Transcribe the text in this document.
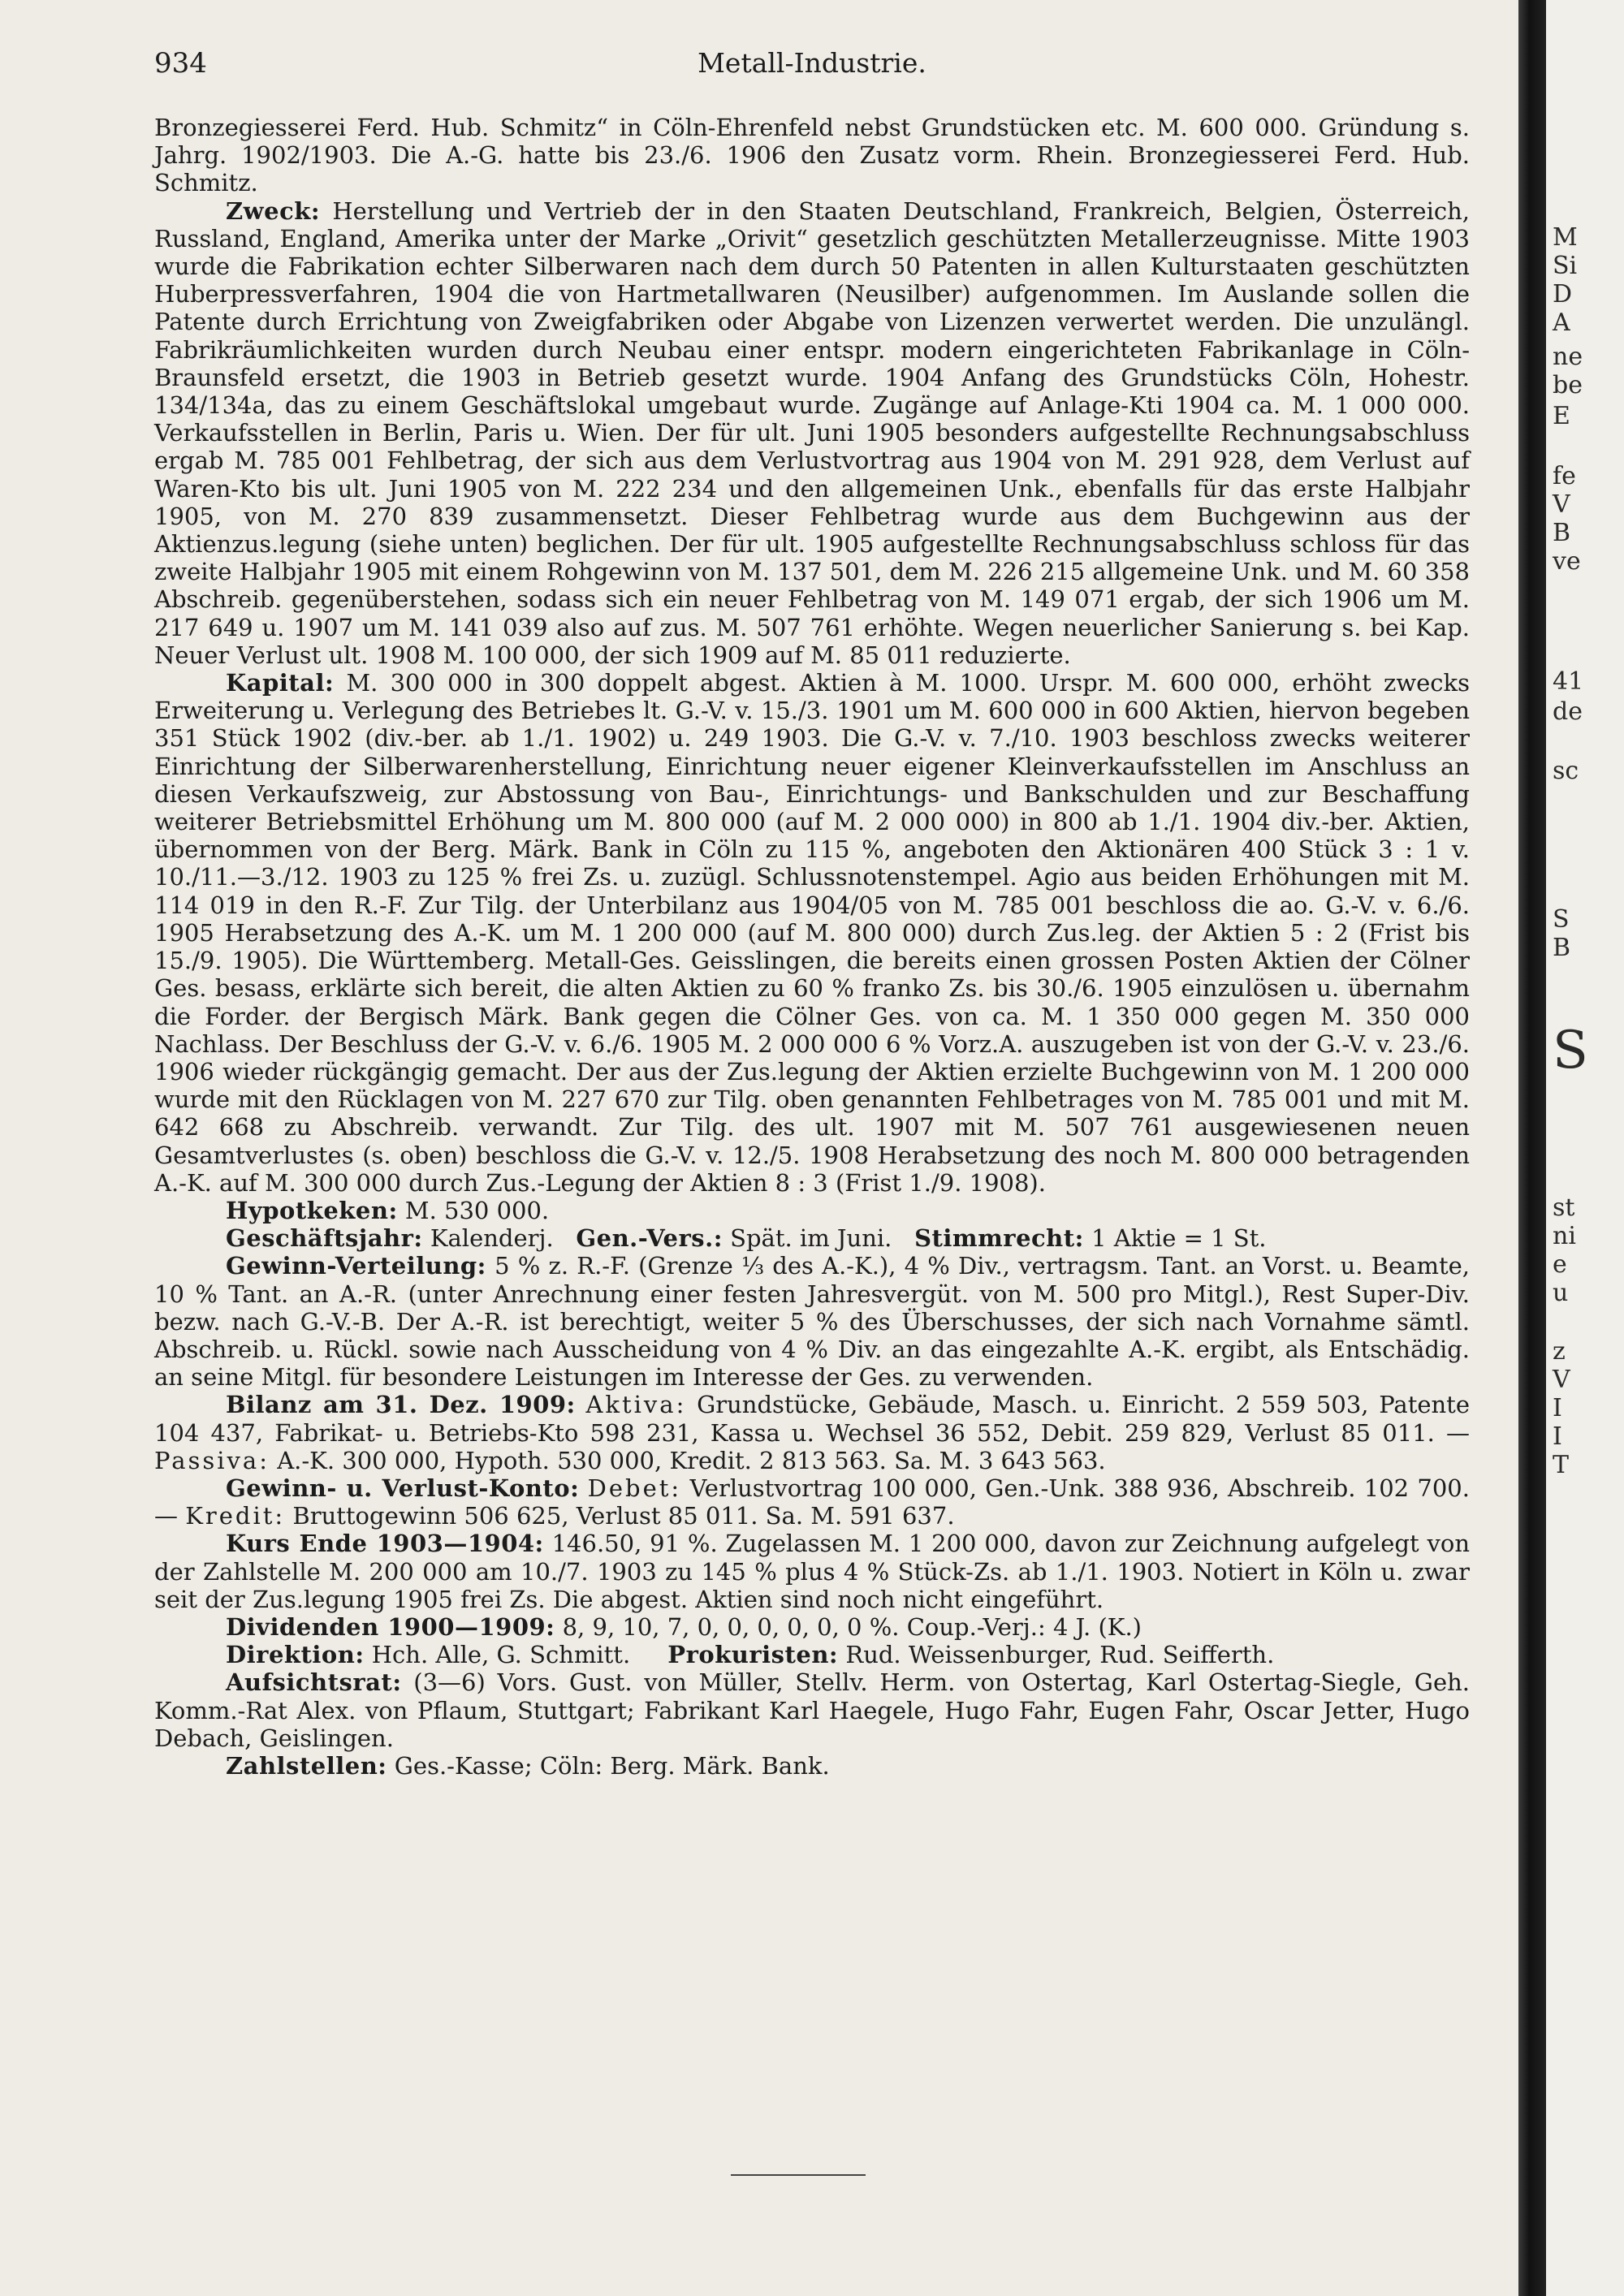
934	Metall-Industrie.

Bronzegiesserei Ferd. Hub. Schmitz“ in Cöln-Ehrenfeld nebst Grundstücken etc. M. 600 000. Gründung s. Jahrg. 1902/1903. Die A.-G. hatte bis 23./6. 1906 den Zusatz vorm. Rhein. Bronzegiesserei Ferd. Hub. Schmitz.

Zweck: Herstellung und Vertrieb der in den Staaten Deutschland, Frankreich, Belgien, Österreich, Russland, England, Amerika unter der Marke „Orivit“ gesetzlich geschützten Metallerzeugnisse. Mitte 1903 wurde die Fabrikation echter Silberwaren nach dem durch 50 Patenten in allen Kulturstaaten geschützten Huberpressverfahren, 1904 die von Hartmetallwaren (Neusilber) aufgenommen. Im Auslande sollen die Patente durch Errichtung von Zweigfabriken oder Abgabe von Lizenzen verwertet werden. Die unzulängl. Fabrikräumlichkeiten wurden durch Neubau einer entspr. modern eingerichteten Fabrikanlage in Cöln-Braunsfeld ersetzt, die 1903 in Betrieb gesetzt wurde. 1904 Anfang des Grundstücks Cöln, Hohestr. 134/134a, das zu einem Geschäftslokal umgebaut wurde. Zugänge auf Anlage-Kti 1904 ca. M. 1 000 000. Verkaufsstellen in Berlin, Paris u. Wien. Der für ult. Juni 1905 besonders aufgestellte Rechnungsabschluss ergab M. 785 001 Fehlbetrag, der sich aus dem Verlustvortrag aus 1904 von M. 291 928, dem Verlust auf Waren-Kto bis ult. Juni 1905 von M. 222 234 und den allgemeinen Unk., ebenfalls für das erste Halbjahr 1905, von M. 270 839 zusammensetzt. Dieser Fehlbetrag wurde aus dem Buchgewinn aus der Aktienzus.legung (siehe unten) beglichen. Der für ult. 1905 aufgestellte Rechnungsabschluss schloss für das zweite Halbjahr 1905 mit einem Rohgewinn von M. 137 501, dem M. 226 215 allgemeine Unk. und M. 60 358 Abschreib. gegenüberstehen, sodass sich ein neuer Fehlbetrag von M. 149 071 ergab, der sich 1906 um M. 217 649 u. 1907 um M. 141 039 also auf zus. M. 507 761 erhöhte. Wegen neuerlicher Sanierung s. bei Kap. Neuer Verlust ult. 1908 M. 100 000, der sich 1909 auf M. 85 011 reduzierte.

Kapital: M. 300 000 in 300 doppelt abgest. Aktien à M. 1000. Urspr. M. 600 000, erhöht zwecks Erweiterung u. Verlegung des Betriebes lt. G.-V. v. 15./3. 1901 um M. 600 000 in 600 Aktien, hiervon begeben 351 Stück 1902 (div.-ber. ab 1./1. 1902) u. 249 1903. Die G.-V. v. 7./10. 1903 beschloss zwecks weiterer Einrichtung der Silberwarenherstellung, Einrichtung neuer eigener Kleinverkaufsstellen im Anschluss an diesen Verkaufszweig, zur Abstossung von Bau-, Einrichtungs- und Bankschulden und zur Beschaffung weiterer Betriebsmittel Erhöhung um M. 800 000 (auf M. 2 000 000) in 800 ab 1./1. 1904 div.-ber. Aktien, übernommen von der Berg. Märk. Bank in Cöln zu 115 %, angeboten den Aktionären 400 Stück 3 : 1 v. 10./11.—3./12. 1903 zu 125 % frei Zs. u. zuzügl. Schlussnotenstempel. Agio aus beiden Erhöhungen mit M. 114 019 in den R.-F. Zur Tilg. der Unterbilanz aus 1904/05 von M. 785 001 beschloss die ao. G.-V. v. 6./6. 1905 Herabsetzung des A.-K. um M. 1 200 000 (auf M. 800 000) durch Zus.leg. der Aktien 5 : 2 (Frist bis 15./9. 1905). Die Württemberg. Metall-Ges. Geisslingen, die bereits einen grossen Posten Aktien der Cölner Ges. besass, erklärte sich bereit, die alten Aktien zu 60 % franko Zs. bis 30./6. 1905 einzulösen u. übernahm die Forder. der Bergisch Märk. Bank gegen die Cölner Ges. von ca. M. 1 350 000 gegen M. 350 000 Nachlass. Der Beschluss der G.-V. v. 6./6. 1905 M. 2 000 000 6 % Vorz.A. auszugeben ist von der G.-V. v. 23./6. 1906 wieder rückgängig gemacht. Der aus der Zus.legung der Aktien erzielte Buchgewinn von M. 1 200 000 wurde mit den Rücklagen von M. 227 670 zur Tilg. oben genannten Fehlbetrages von M. 785 001 und mit M. 642 668 zu Abschreib. verwandt. Zur Tilg. des ult. 1907 mit M. 507 761 ausgewiesenen neuen Gesamtverlustes (s. oben) beschloss die G.-V. v. 12./5. 1908 Herabsetzung des noch M. 800 000 betragenden A.-K. auf M. 300 000 durch Zus.-Legung der Aktien 8 : 3 (Frist 1./9. 1908).

Hypotkeken: M. 530 000.

Geschäftsjahr: Kalenderj. Gen.-Vers.: Spät. im Juni. Stimmrecht: 1 Aktie = 1 St.

Gewinn-Verteilung: 5 % z. R.-F. (Grenze ⅓ des A.-K.), 4 % Div., vertragsm. Tant. an Vorst. u. Beamte, 10 % Tant. an A.-R. (unter Anrechnung einer festen Jahresvergüt. von M. 500 pro Mitgl.), Rest Super-Div. bezw. nach G.-V.-B. Der A.-R. ist berechtigt, weiter 5 % des Überschusses, der sich nach Vornahme sämtl. Abschreib. u. Rückl. sowie nach Ausscheidung von 4 % Div. an das eingezahlte A.-K. ergibt, als Entschädig. an seine Mitgl. für besondere Leistungen im Interesse der Ges. zu verwenden.

Bilanz am 31. Dez. 1909: Aktiva: Grundstücke, Gebäude, Masch. u. Einricht. 2 559 503, Patente 104 437, Fabrikat- u. Betriebs-Kto 598 231, Kassa u. Wechsel 36 552, Debit. 259 829, Verlust 85 011. — Passiva: A.-K. 300 000, Hypoth. 530 000, Kredit. 2 813 563. Sa. M. 3 643 563.

Gewinn- u. Verlust-Konto: Debet: Verlustvortrag 100 000, Gen.-Unk. 388 936, Abschreib. 102 700. — Kredit: Bruttogewinn 506 625, Verlust 85 011. Sa. M. 591 637.

Kurs Ende 1903—1904: 146.50, 91 %. Zugelassen M. 1 200 000, davon zur Zeichnung aufgelegt von der Zahlstelle M. 200 000 am 10./7. 1903 zu 145 % plus 4 % Stück-Zs. ab 1./1. 1903. Notiert in Köln u. zwar seit der Zus.legung 1905 frei Zs. Die abgest. Aktien sind noch nicht eingeführt.

Dividenden 1900—1909: 8, 9, 10, 7, 0, 0, 0, 0, 0, 0 %. Coup.-Verj.: 4 J. (K.)

Direktion: Hch. Alle, G. Schmitt. Prokuristen: Rud. Weissenburger, Rud. Seifferth.

Aufsichtsrat: (3—6) Vors. Gust. von Müller, Stellv. Herm. von Ostertag, Karl Ostertag-Siegle, Geh. Komm.-Rat Alex. von Pflaum, Stuttgart; Fabrikant Karl Haegele, Hugo Fahr, Eugen Fahr, Oscar Jetter, Hugo Debach, Geislingen.

Zahlstellen: Ges.-Kasse; Cöln: Berg. Märk. Bank.

M
Si
D
A
ne
be
E
fe
V
B
ve
41
de
sc
S
B
S
st
ni
e
u
z
V
I
I
T
